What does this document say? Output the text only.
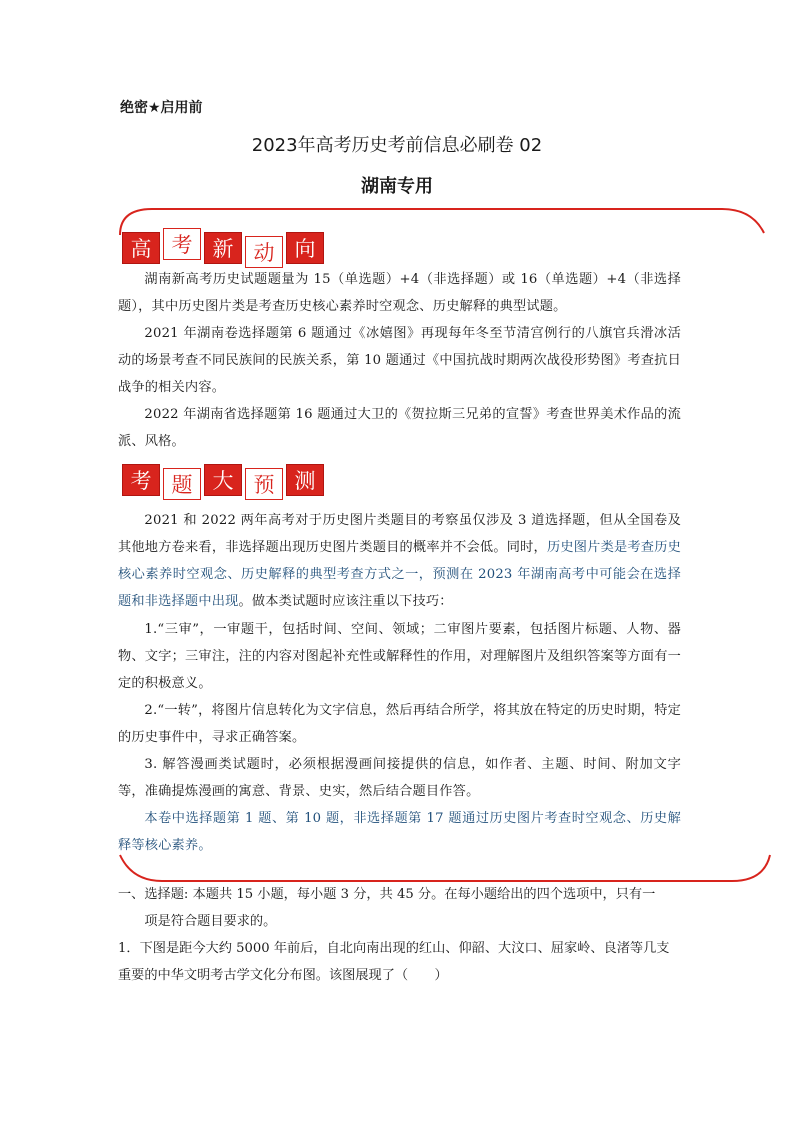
绝密★启用前
2023年高考历史考前信息必刷卷 02
湖南专用
高 考 新 动 向
湖南新高考历史试题题量为 15（单选题）+4（非选择题）或 16（单选题）+4（非选择题），其中历史图片类是考查历史核心素养时空观念、历史解释的典型试题。
2021 年湖南卷选择题第 6 题通过《冰嬉图》再现每年冬至节清宫例行的八旗官兵滑冰活动的场景考查不同民族间的民族关系，第 10 题通过《中国抗战时期两次战役形势图》考查抗日战争的相关内容。
2022 年湖南省选择题第 16 题通过大卫的《贺拉斯三兄弟的宣誓》考查世界美术作品的流派、风格。
考 题 大 预 测
2021 和 2022 两年高考对于历史图片类题目的考察虽仅涉及 3 道选择题，但从全国卷及其他地方卷来看，非选择题出现历史图片类题目的概率并不会低。同时，历史图片类是考查历史核心素养时空观念、历史解释的典型考查方式之一，预测在 2023 年湖南高考中可能会在选择题和非选择题中出现。做本类试题时应该注重以下技巧：
1.“三审”，一审题干，包括时间、空间、领域；二审图片要素，包括图片标题、人物、器物、文字；三审注，注的内容对图起补充性或解释性的作用，对理解图片及组织答案等方面有一定的积极意义。
2.“一转”，将图片信息转化为文字信息，然后再结合所学，将其放在特定的历史时期，特定的历史事件中，寻求正确答案。
3. 解答漫画类试题时，必须根据漫画间接提供的信息，如作者、主题、时间、附加文字等，准确提炼漫画的寓意、背景、史实，然后结合题目作答。
本卷中选择题第 1 题、第 10 题，非选择题第 17 题通过历史图片考查时空观念、历史解释等核心素养。
一、选择题: 本题共 15 小题，每小题 3 分，共 45 分。在每小题给出的四个选项中，只有一
项是符合题目要求的。
1．下图是距今大约 5000 年前后，自北向南出现的红山、仰韶、大汶口、屈家岭、良渚等几支重要的中华文明考古学文化分布图。该图展现了（　　）
